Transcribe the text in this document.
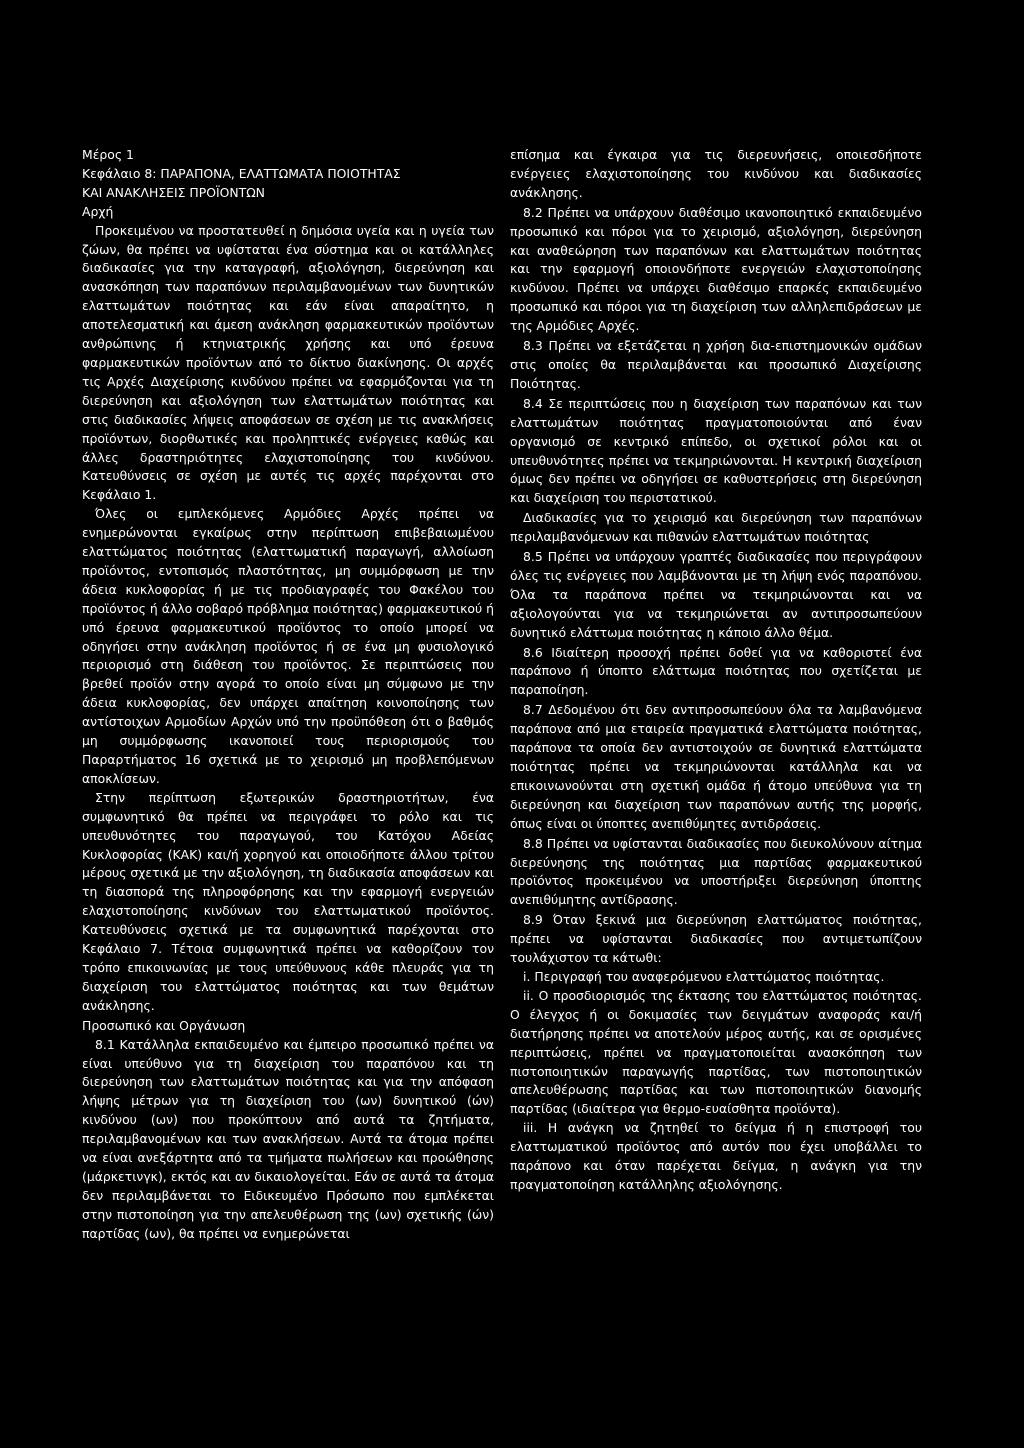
Μέρος 1

Κεφάλαιο 8: ΠΑΡΑΠΟΝΑ, ΕΛΑΤΤΩΜΑΤΑ ΠΟΙΟΤΗΤΑΣ

ΚΑΙ ΑΝΑΚΛΗΣΕΙΣ ΠΡΟΪΟΝΤΩΝ

Αρχή

Προκειμένου να προστατευθεί η δημόσια υγεία και η υγεία των ζώων, θα πρέπει να υφίσταται ένα σύστημα και οι κατάλληλες διαδικασίες για την καταγραφή, αξιολόγηση, διερεύνηση και ανασκόπηση των παραπόνων περιλαμβανομένων των δυνητικών ελαττωμάτων ποιότητας και εάν είναι απαραίτητο, η αποτελεσματική και άμεση ανάκληση φαρμακευτικών προϊόντων ανθρώπινης ή κτηνιατρικής χρήσης και υπό έρευνα φαρμακευτικών προϊόντων από το δίκτυο διακίνησης. Οι αρχές τις Αρχές Διαχείρισης κινδύνου πρέπει να εφαρμόζονται για τη διερεύνηση και αξιολόγηση των ελαττωμάτων ποιότητας και στις διαδικασίες λήψεις αποφάσεων σε σχέση με τις ανακλήσεις προϊόντων, διορθωτικές και προληπτικές ενέργειες καθώς και άλλες δραστηριότητες ελαχιστοποίησης του κινδύνου. Κατευθύνσεις σε σχέση με αυτές τις αρχές παρέχονται στο Κεφάλαιο 1.

Όλες οι εμπλεκόμενες Αρμόδιες Αρχές πρέπει να ενημερώνονται εγκαίρως στην περίπτωση επιβεβαιωμένου ελαττώματος ποιότητας (ελαττωματική παραγωγή, αλλοίωση προϊόντος, εντοπισμός πλαστότητας, μη συμμόρφωση με την άδεια κυκλοφορίας ή με τις προδιαγραφές του Φακέλου του προϊόντος ή άλλο σοβαρό πρόβλημα ποιότητας) φαρμακευτικού ή υπό έρευνα φαρμακευτικού προϊόντος το οποίο μπορεί να οδηγήσει στην ανάκληση προϊόντος ή σε ένα μη φυσιολογικό περιορισμό στη διάθεση του προϊόντος. Σε περιπτώσεις που βρεθεί προϊόν στην αγορά το οποίο είναι μη σύμφωνο με την άδεια κυκλοφορίας, δεν υπάρχει απαίτηση κοινοποίησης των αντίστοιχων Αρμοδίων Αρχών υπό την προϋπόθεση ότι ο βαθμός μη συμμόρφωσης ικανοποιεί τους περιορισμούς του Παραρτήματος 16 σχετικά με το χειρισμό μη προβλεπόμενων αποκλίσεων.

Στην περίπτωση εξωτερικών δραστηριοτήτων, ένα συμφωνητικό θα πρέπει να περιγράφει το ρόλο και τις υπευθυνότητες του παραγωγού, του Κατόχου Αδείας Κυκλοφορίας (ΚΑΚ) και/ή χορηγού και οποιοδήποτε άλλου τρίτου μέρους σχετικά με την αξιολόγηση, τη διαδικασία αποφάσεων και τη διασπορά της πληροφόρησης και την εφαρμογή ενεργειών ελαχιστοποίησης κινδύνων του ελαττωματικού προϊόντος. Κατευθύνσεις σχετικά με τα συμφωνητικά παρέχονται στο Κεφάλαιο 7. Τέτοια συμφωνητικά πρέπει να καθορίζουν τον τρόπο επικοινωνίας με τους υπεύθυνους κάθε πλευράς για τη διαχείριση του ελαττώματος ποιότητας και των θεμάτων ανάκλησης.

Προσωπικό και Οργάνωση

8.1 Κατάλληλα εκπαιδευμένο και έμπειρο προσωπικό πρέπει να είναι υπεύθυνο για τη διαχείριση του παραπόνου και τη διερεύνηση των ελαττωμάτων ποιότητας και για την απόφαση λήψης μέτρων για τη διαχείριση του (ων) δυνητικού (ών) κινδύνου (ων) που προκύπτουν από αυτά τα ζητήματα, περιλαμβανομένων και των ανακλήσεων. Αυτά τα άτομα πρέπει να είναι ανεξάρτητα από τα τμήματα πωλήσεων και προώθησης (μάρκετινγκ), εκτός και αν δικαιολογείται. Εάν σε αυτά τα άτομα δεν περιλαμβάνεται το Ειδικευμένο Πρόσωπο που εμπλέκεται στην πιστοποίηση για την απελευθέρωση της (ων) σχετικής (ών) παρτίδας (ων), θα πρέπει να ενημερώνεται

επίσημα και έγκαιρα για τις διερευνήσεις, οποιεσδήποτε ενέργειες ελαχιστοποίησης του κινδύνου και διαδικασίες ανάκλησης.

8.2 Πρέπει να υπάρχουν διαθέσιμο ικανοποιητικό εκπαιδευμένο προσωπικό και πόροι για το χειρισμό, αξιολόγηση, διερεύνηση και αναθεώρηση των παραπόνων και ελαττωμάτων ποιότητας και την εφαρμογή οποιονδήποτε ενεργειών ελαχιστοποίησης κινδύνου. Πρέπει να υπάρχει διαθέσιμο επαρκές εκπαιδευμένο προσωπικό και πόροι για τη διαχείριση των αλληλεπιδράσεων με της Αρμόδιες Αρχές.

8.3 Πρέπει να εξετάζεται η χρήση δια-επιστημονικών ομάδων στις οποίες θα περιλαμβάνεται και προσωπικό Διαχείρισης Ποιότητας.

8.4 Σε περιπτώσεις που η διαχείριση των παραπόνων και των ελαττωμάτων ποιότητας πραγματοποιούνται από έναν οργανισμό σε κεντρικό επίπεδο, οι σχετικοί ρόλοι και οι υπευθυνότητες πρέπει να τεκμηριώνονται. Η κεντρική διαχείριση όμως δεν πρέπει να οδηγήσει σε καθυστερήσεις στη διερεύνηση και διαχείριση του περιστατικού.

Διαδικασίες για το χειρισμό και διερεύνηση των παραπόνων περιλαμβανόμενων και πιθανών ελαττωμάτων ποιότητας

8.5 Πρέπει να υπάρχουν γραπτές διαδικασίες που περιγράφουν όλες τις ενέργειες που λαμβάνονται με τη λήψη ενός παραπόνου. Όλα τα παράπονα πρέπει να τεκμηριώνονται και να αξιολογούνται για να τεκμηριώνεται αν αντιπροσωπεύουν δυνητικό ελάττωμα ποιότητας η κάποιο άλλο θέμα.

8.6 Ιδιαίτερη προσοχή πρέπει δοθεί για να καθοριστεί ένα παράπονο ή ύποπτο ελάττωμα ποιότητας που σχετίζεται με παραποίηση.

8.7 Δεδομένου ότι δεν αντιπροσωπεύουν όλα τα λαμβανόμενα παράπονα από μια εταιρεία πραγματικά ελαττώματα ποιότητας, παράπονα τα οποία δεν αντιστοιχούν σε δυνητικά ελαττώματα ποιότητας πρέπει να τεκμηριώνονται κατάλληλα και να επικοινωνούνται στη σχετική ομάδα ή άτομο υπεύθυνα για τη διερεύνηση και διαχείριση των παραπόνων αυτής της μορφής, όπως είναι οι ύποπτες ανεπιθύμητες αντιδράσεις.

8.8 Πρέπει να υφίστανται διαδικασίες που διευκολύνουν αίτημα διερεύνησης της ποιότητας μια παρτίδας φαρμακευτικού προϊόντος προκειμένου να υποστήριξει διερεύνηση ύποπτης ανεπιθύμητης αντίδρασης.

8.9 Όταν ξεκινά μια διερεύνηση ελαττώματος ποιότητας, πρέπει να υφίστανται διαδικασίες που αντιμετωπίζουν τουλάχιστον τα κάτωθι:

i. Περιγραφή του αναφερόμενου ελαττώματος ποιότητας.

ii. Ο προσδιορισμός της έκτασης του ελαττώματος ποιότητας. Ο έλεγχος ή οι δοκιμασίες των δειγμάτων αναφοράς και/ή διατήρησης πρέπει να αποτελούν μέρος αυτής, και σε ορισμένες περιπτώσεις, πρέπει να πραγματοποιείται ανασκόπηση των πιστοποιητικών παραγωγής παρτίδας, των πιστοποιητικών απελευθέρωσης παρτίδας και των πιστοποιητικών διανομής παρτίδας (ιδιαίτερα για θερμο-ευαίσθητα προϊόντα).

iii. Η ανάγκη να ζητηθεί το δείγμα ή η επιστροφή του ελαττωματικού προϊόντος από αυτόν που έχει υποβάλλει το παράπονο και όταν παρέχεται δείγμα, η ανάγκη για την πραγματοποίηση κατάλληλης αξιολόγησης.
